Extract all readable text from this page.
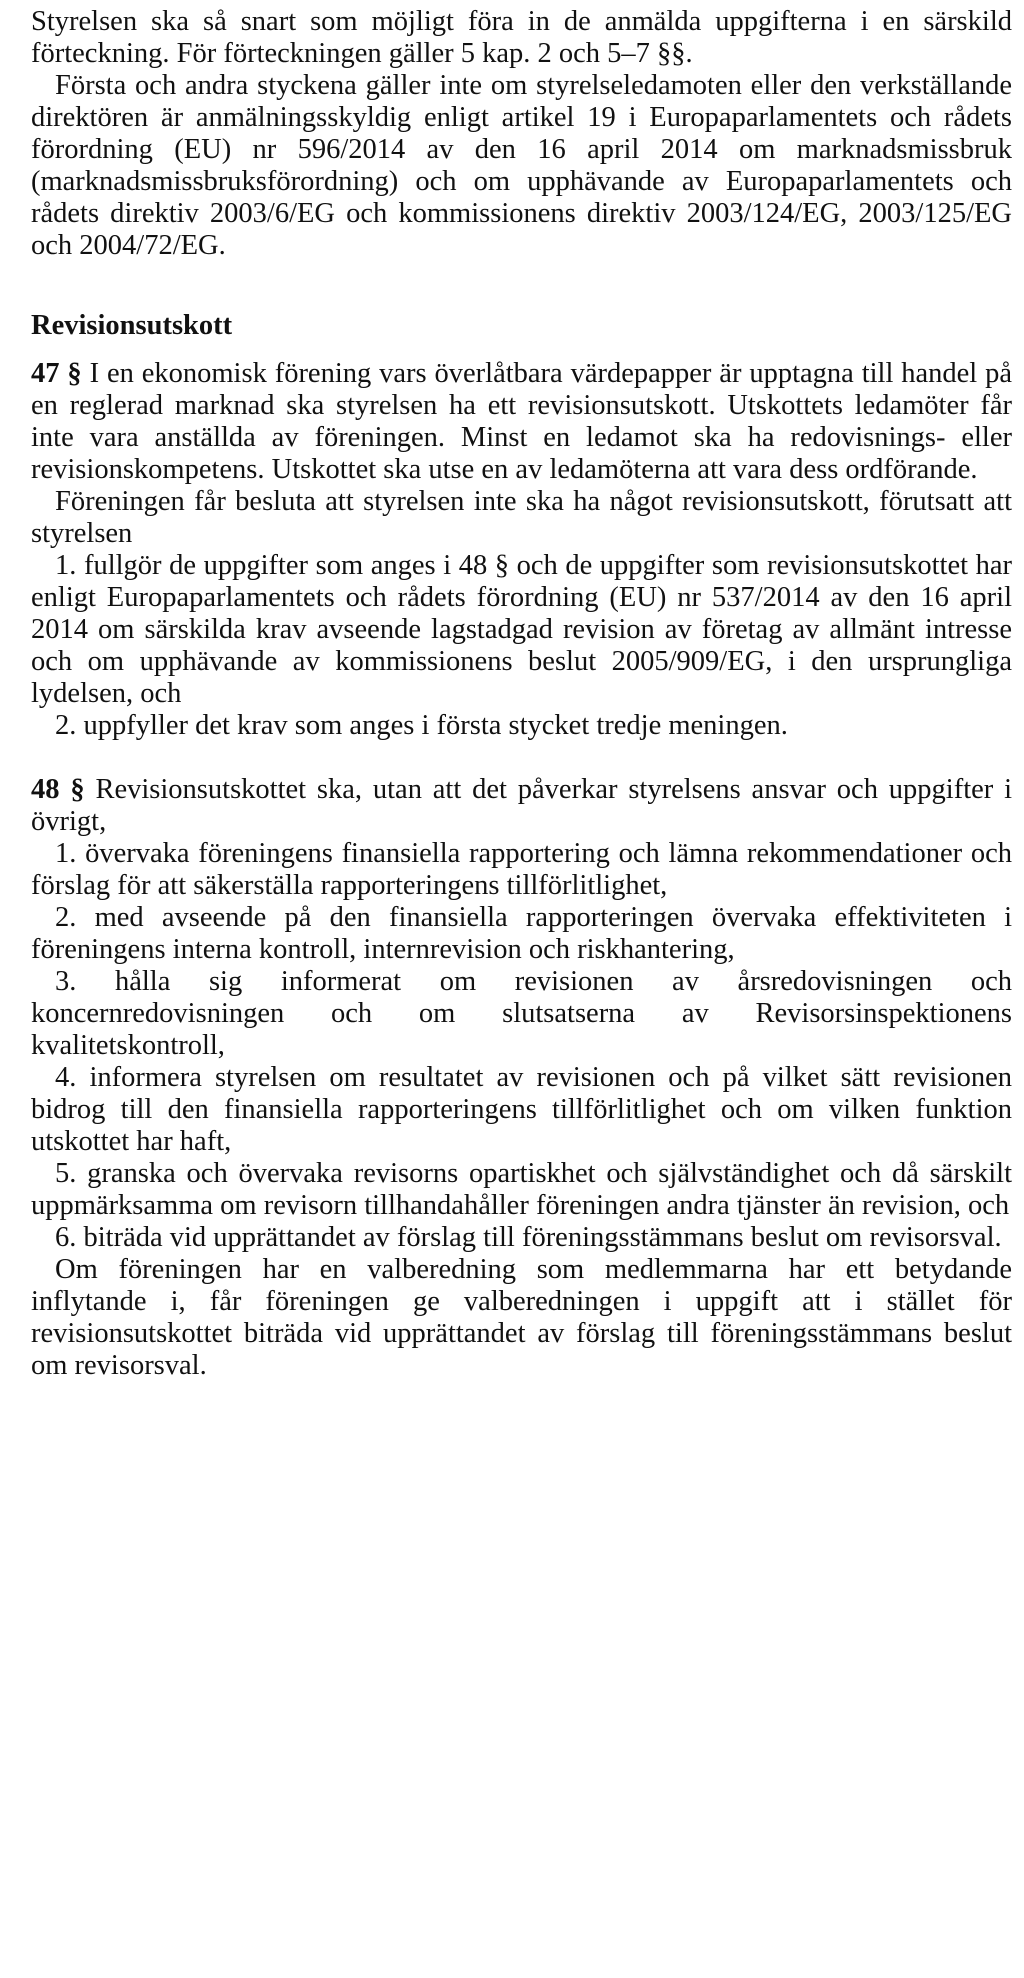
Styrelsen ska så snart som möjligt föra in de anmälda uppgifterna i en särskild förteckning. För förteckningen gäller 5 kap. 2 och 5–7 §§.

Första och andra styckena gäller inte om styrelseledamoten eller den verkställande direktören är anmälningsskyldig enligt artikel 19 i Europaparlamentets och rådets förordning (EU) nr 596/2014 av den 16 april 2014 om marknadsmissbruk (marknadsmissbruksförordning) och om upphävande av Europaparlamentets och rådets direktiv 2003/6/EG och kommissionens direktiv 2003/124/EG, 2003/125/EG och 2004/72/EG.

Revisionsutskott

47 § I en ekonomisk förening vars överlåtbara värdepapper är upptagna till handel på en reglerad marknad ska styrelsen ha ett revisionsutskott. Utskottets ledamöter får inte vara anställda av föreningen. Minst en ledamot ska ha redovisnings- eller revisionskompetens. Utskottet ska utse en av ledamöterna att vara dess ordförande.

Föreningen får besluta att styrelsen inte ska ha något revisionsutskott, förutsatt att styrelsen

1. fullgör de uppgifter som anges i 48 § och de uppgifter som revisionsutskottet har enligt Europaparlamentets och rådets förordning (EU) nr 537/2014 av den 16 april 2014 om särskilda krav avseende lagstadgad revision av företag av allmänt intresse och om upphävande av kommissionens beslut 2005/909/EG, i den ursprungliga lydelsen, och

2. uppfyller det krav som anges i första stycket tredje meningen.

48 § Revisionsutskottet ska, utan att det påverkar styrelsens ansvar och uppgifter i övrigt,

1. övervaka föreningens finansiella rapportering och lämna rekommendationer och förslag för att säkerställa rapporteringens tillförlitlighet,

2. med avseende på den finansiella rapporteringen övervaka effektiviteten i föreningens interna kontroll, internrevision och riskhantering,

3. hålla sig informerat om revisionen av årsredovisningen och koncernredovisningen och om slutsatserna av Revisorsinspektionens kvalitetskontroll,

4. informera styrelsen om resultatet av revisionen och på vilket sätt revisionen bidrog till den finansiella rapporteringens tillförlitlighet och om vilken funktion utskottet har haft,

5. granska och övervaka revisorns opartiskhet och självständighet och då särskilt uppmärksamma om revisorn tillhandahåller föreningen andra tjänster än revision, och

6. biträda vid upprättandet av förslag till föreningsstämmans beslut om revisorsval.

Om föreningen har en valberedning som medlemmarna har ett betydande inflytande i, får föreningen ge valberedningen i uppgift att i stället för revisionsutskottet biträda vid upprättandet av förslag till föreningsstämmans beslut om revisorsval.
